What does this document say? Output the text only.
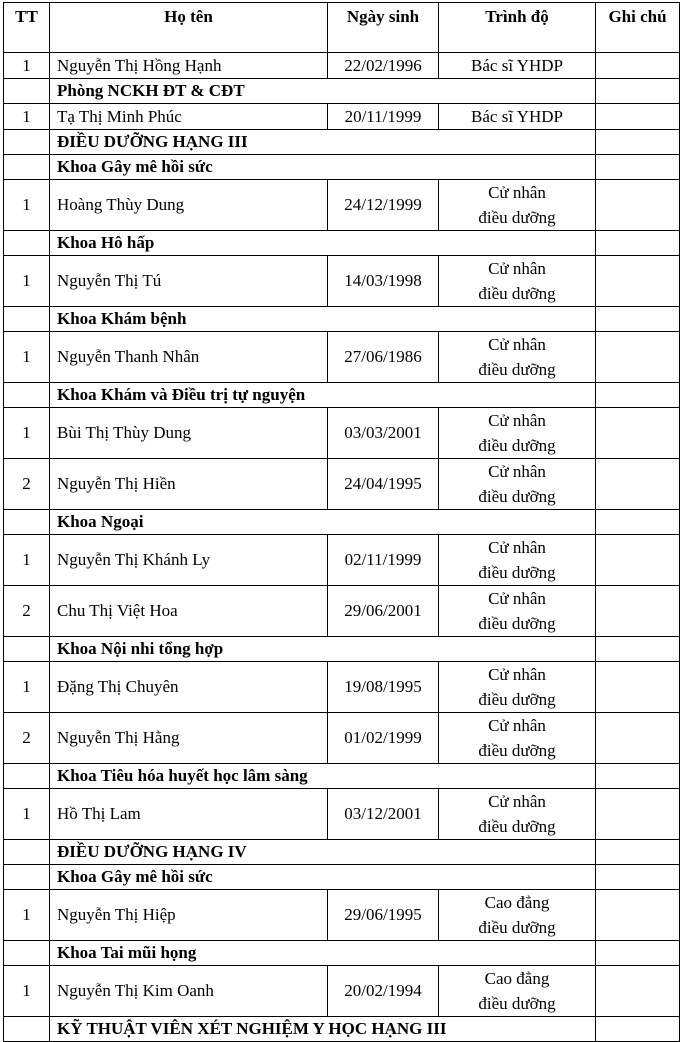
TT	Họ tên	Ngày sinh	Trình độ	Ghi chú
1	Nguyễn Thị Hồng Hạnh	22/02/1996	Bác sĩ YHDP	

	Phòng NCKH ĐT & CĐT			
1	Tạ Thị Minh Phúc	20/11/1999	Bác sĩ YHDP	

	ĐIỀU DƯỠNG HẠNG III			
	Khoa Gây mê hồi sức			
1	Hoàng Thùy Dung	24/12/1999	Cử nhân
điều dưỡng	

	Khoa Hô hấp			
1	Nguyễn Thị Tú	14/03/1998	Cử nhân
điều dưỡng	

	Khoa Khám bệnh			
1	Nguyễn Thanh Nhân	27/06/1986	Cử nhân
điều dưỡng	

	Khoa Khám và Điều trị tự nguyện			
1	Bùi Thị Thùy Dung	03/03/2001	Cử nhân
điều dưỡng	

2	Nguyễn Thị Hiền	24/04/1995	Cử nhân
điều dưỡng	

	Khoa Ngoại			
1	Nguyễn Thị Khánh Ly	02/11/1999	Cử nhân
điều dưỡng	

2	Chu Thị Việt Hoa	29/06/2001	Cử nhân
điều dưỡng	

	Khoa Nội nhi tổng hợp			
1	Đặng Thị Chuyên	19/08/1995	Cử nhân
điều dưỡng	

2	Nguyễn Thị Hằng	01/02/1999	Cử nhân
điều dưỡng	

	Khoa Tiêu hóa huyết học lâm sàng			
1	Hồ Thị Lam	03/12/2001	Cử nhân
điều dưỡng	

	ĐIỀU DƯỠNG HẠNG IV			
	Khoa Gây mê hồi sức			
1	Nguyễn Thị Hiệp	29/06/1995	Cao đẳng
điều dưỡng	

	Khoa Tai mũi họng			
1	Nguyễn Thị Kim Oanh	20/02/1994	Cao đẳng
điều dưỡng	

	KỸ THUẬT VIÊN XÉT NGHIỆM Y HỌC HẠNG III			
